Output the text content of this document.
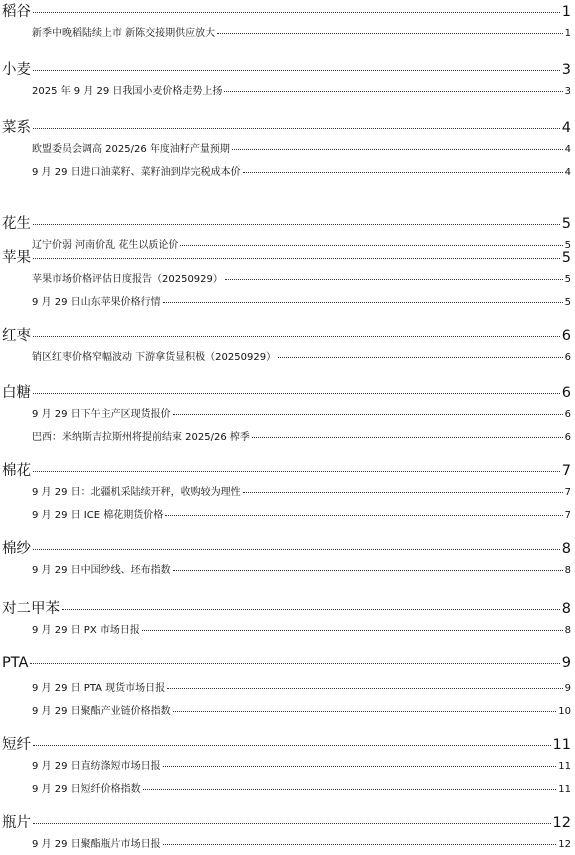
稻谷	1
新季中晚稻陆续上市 新陈交接期供应放大	1
小麦	3
2025 年 9 月 29 日我国小麦价格走势上扬	3
菜系	4
欧盟委员会调高 2025/26 年度油籽产量预期	4
9 月 29 日进口油菜籽、菜籽油到岸完税成本价	4
花生	5
辽宁价弱 河南价乱 花生以质论价	5
苹果	5
苹果市场价格评估日度报告（20250929）	5
9 月 29 日山东苹果价格行情	5
红枣	6
销区红枣价格窄幅波动 下游拿货显积极（20250929）	6
白糖	6
9 月 29 日下午主产区现货报价	6
巴西：米纳斯吉拉斯州将提前结束 2025/26 榨季	6
棉花	7
9 月 29 日：北疆机采陆续开秤，收购较为理性	7
9 月 29 日 ICE 棉花期货价格	7
棉纱	8
9 月 29 日中国纱线、坯布指数	8
对二甲苯	8
9 月 29 日 PX 市场日报	8
PTA	9
9 月 29 日 PTA 现货市场日报	9
9 月 29 日聚酯产业链价格指数	10
短纤	11
9 月 29 日直纺涤短市场日报	11
9 月 29 日短纤价格指数	11
瓶片	12
9 月 29 日聚酯瓶片市场日报	12
